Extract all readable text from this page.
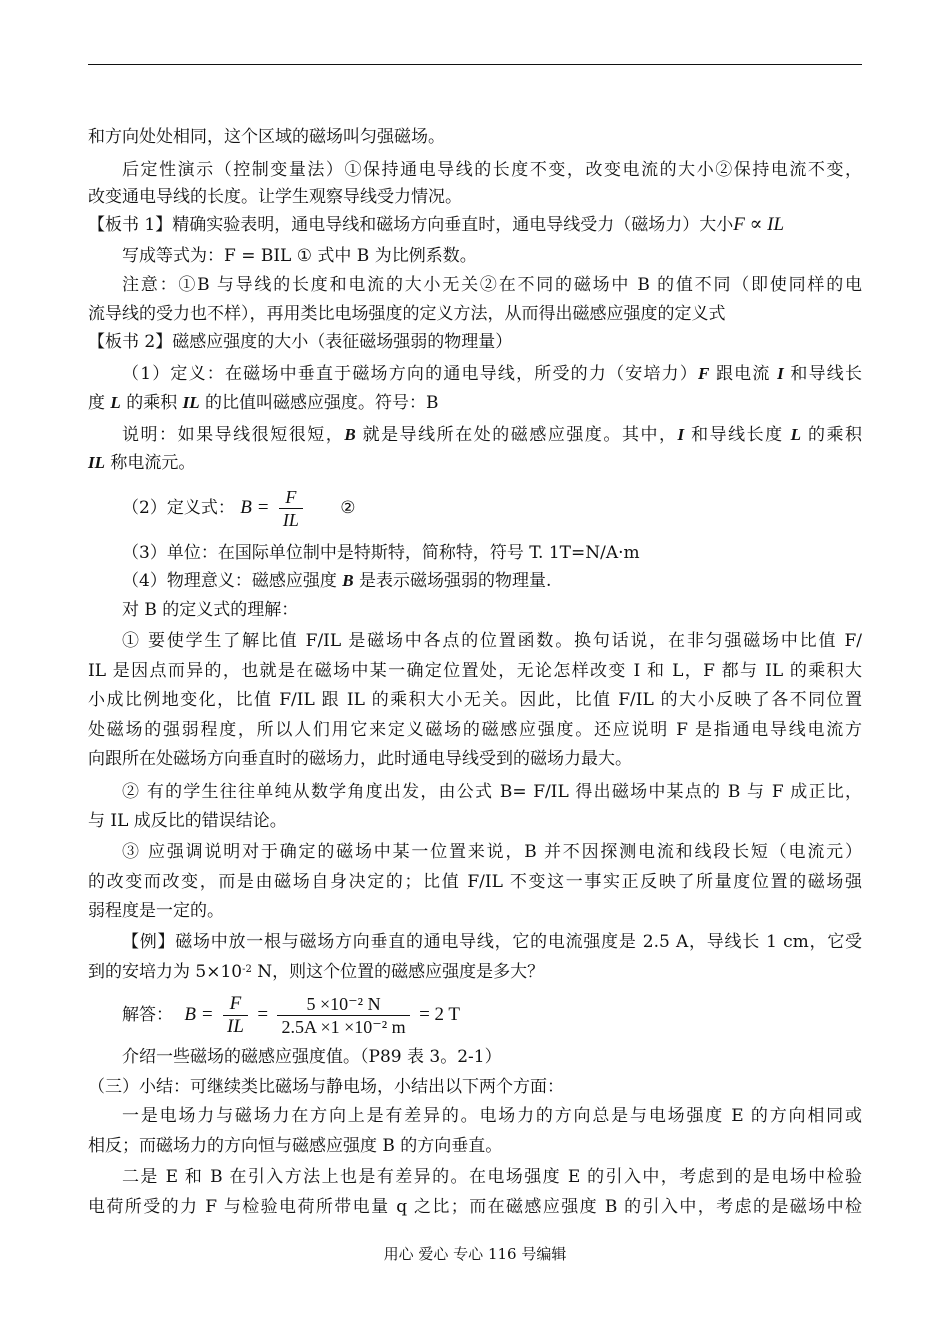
和方向处处相同，这个区域的磁场叫匀强磁场。
后定性演示（控制变量法）①保持通电导线的长度不变，改变电流的大小②保持电流不变，
改变通电导线的长度。让学生观察导线受力情况。
【板书 1】精确实验表明，通电导线和磁场方向垂直时，通电导线受力（磁场力）大小F ∝ IL
写成等式为：F = BIL ① 式中 B 为比例系数。
注意：①B 与导线的长度和电流的大小无关②在不同的磁场中 B 的值不同（即使同样的电
流导线的受力也不样），再用类比电场强度的定义方法，从而得出磁感应强度的定义式
【板书 2】磁感应强度的大小（表征磁场强弱的物理量）
（1）定义：在磁场中垂直于磁场方向的通电导线，所受的力（安培力）F 跟电流 I 和导线长
度 L 的乘积 IL 的比值叫磁感应强度。符号：B
说明：如果导线很短很短，B 就是导线所在处的磁感应强度。其中，I 和导线长度 L 的乘积
IL 称电流元。
（2）定义式： $B = \frac{F}{IL}$ ②
（3）单位：在国际单位制中是特斯特，简称特，符号 T. 1T=N/A·m
（4）物理意义：磁感应强度 B 是表示磁场强弱的物理量.
对 B 的定义式的理解：
① 要使学生了解比值 F/IL 是磁场中各点的位置函数。换句话说，在非匀强磁场中比值 F/
IL 是因点而异的，也就是在磁场中某一确定位置处，无论怎样改变 I 和 L，F 都与 IL 的乘积大
小成比例地变化，比值 F/IL 跟 IL 的乘积大小无关。因此，比值 F/IL 的大小反映了各不同位置
处磁场的强弱程度，所以人们用它来定义磁场的磁感应强度。还应说明 F 是指通电导线电流方
向跟所在处磁场方向垂直时的磁场力，此时通电导线受到的磁场力最大。
② 有的学生往往单纯从数学角度出发，由公式 B= F/IL 得出磁场中某点的 B 与 F 成正比，
与 IL 成反比的错误结论。
③ 应强调说明对于确定的磁场中某一位置来说，B 并不因探测电流和线段长短（电流元）
的改变而改变，而是由磁场自身决定的；比值 F/IL 不变这一事实正反映了所量度位置的磁场强
弱程度是一定的。
【例】磁场中放一根与磁场方向垂直的通电导线，它的电流强度是 2.5 A，导线长 1 cm，它受
到的安培力为 $5\times 10^{-2}$ N，则这个位置的磁感应强度是多大？
解答： $B = \frac{F}{IL} = \frac{\text{5 ×10⁻² N}}{\text{2.5A ×1 ×10⁻² m}} = 2$ T
介绍一些磁场的磁感应强度值。（P89 表 3。2-1）
（三）小结：可继续类比磁场与静电场，小结出以下两个方面：
一是电场力与磁场力在方向上是有差异的。电场力的方向总是与电场强度 E 的方向相同或
相反；而磁场力的方向恒与磁感应强度 B 的方向垂直。
二是 E 和 B 在引入方法上也是有差异的。在电场强度 E 的引入中，考虑到的是电场中检验
电荷所受的力 F 与检验电荷所带电量 q 之比；而在磁感应强度 B 的引入中，考虑的是磁场中检
用心 爱心 专心 116 号编辑
